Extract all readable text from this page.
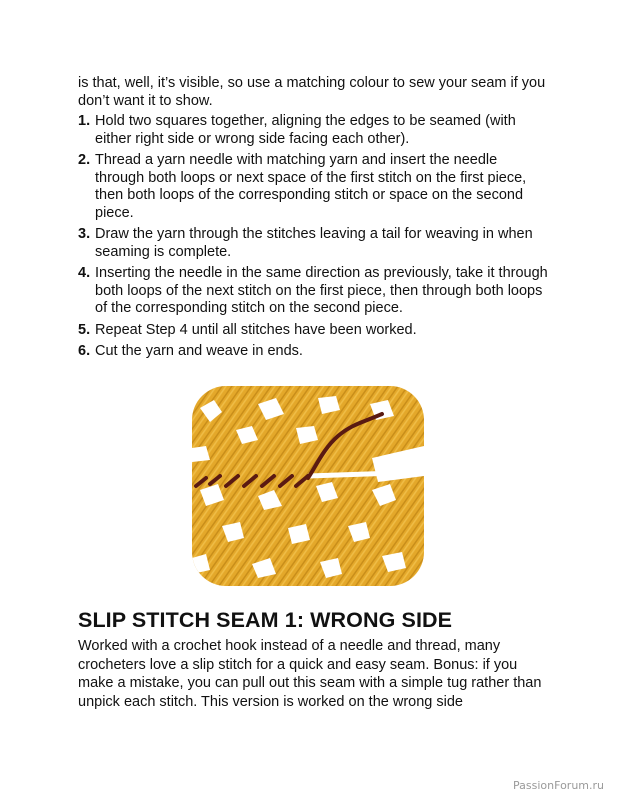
is that, well, it’s visible, so use a matching colour to sew your seam if you don’t want it to show.
1. Hold two squares together, aligning the edges to be seamed (with either right side or wrong side facing each other).
2. Thread a yarn needle with matching yarn and insert the needle through both loops or next space of the first stitch on the first piece, then both loops of the corresponding stitch or space on the second piece.
3. Draw the yarn through the stitches leaving a tail for weaving in when seaming is complete.
4. Inserting the needle in the same direction as previously, take it through both loops of the next stitch on the first piece, then through both loops of the corresponding stitch on the second piece.
5. Repeat Step 4 until all stitches have been worked.
6. Cut the yarn and weave in ends.
SLIP STITCH SEAM 1: WRONG SIDE
Worked with a crochet hook instead of a needle and thread, many crocheters love a slip stitch for a quick and easy seam. Bonus: if you make a mistake, you can pull out this seam with a simple tug rather than unpick each stitch. This version is worked on the wrong side
PassionForum.ru
